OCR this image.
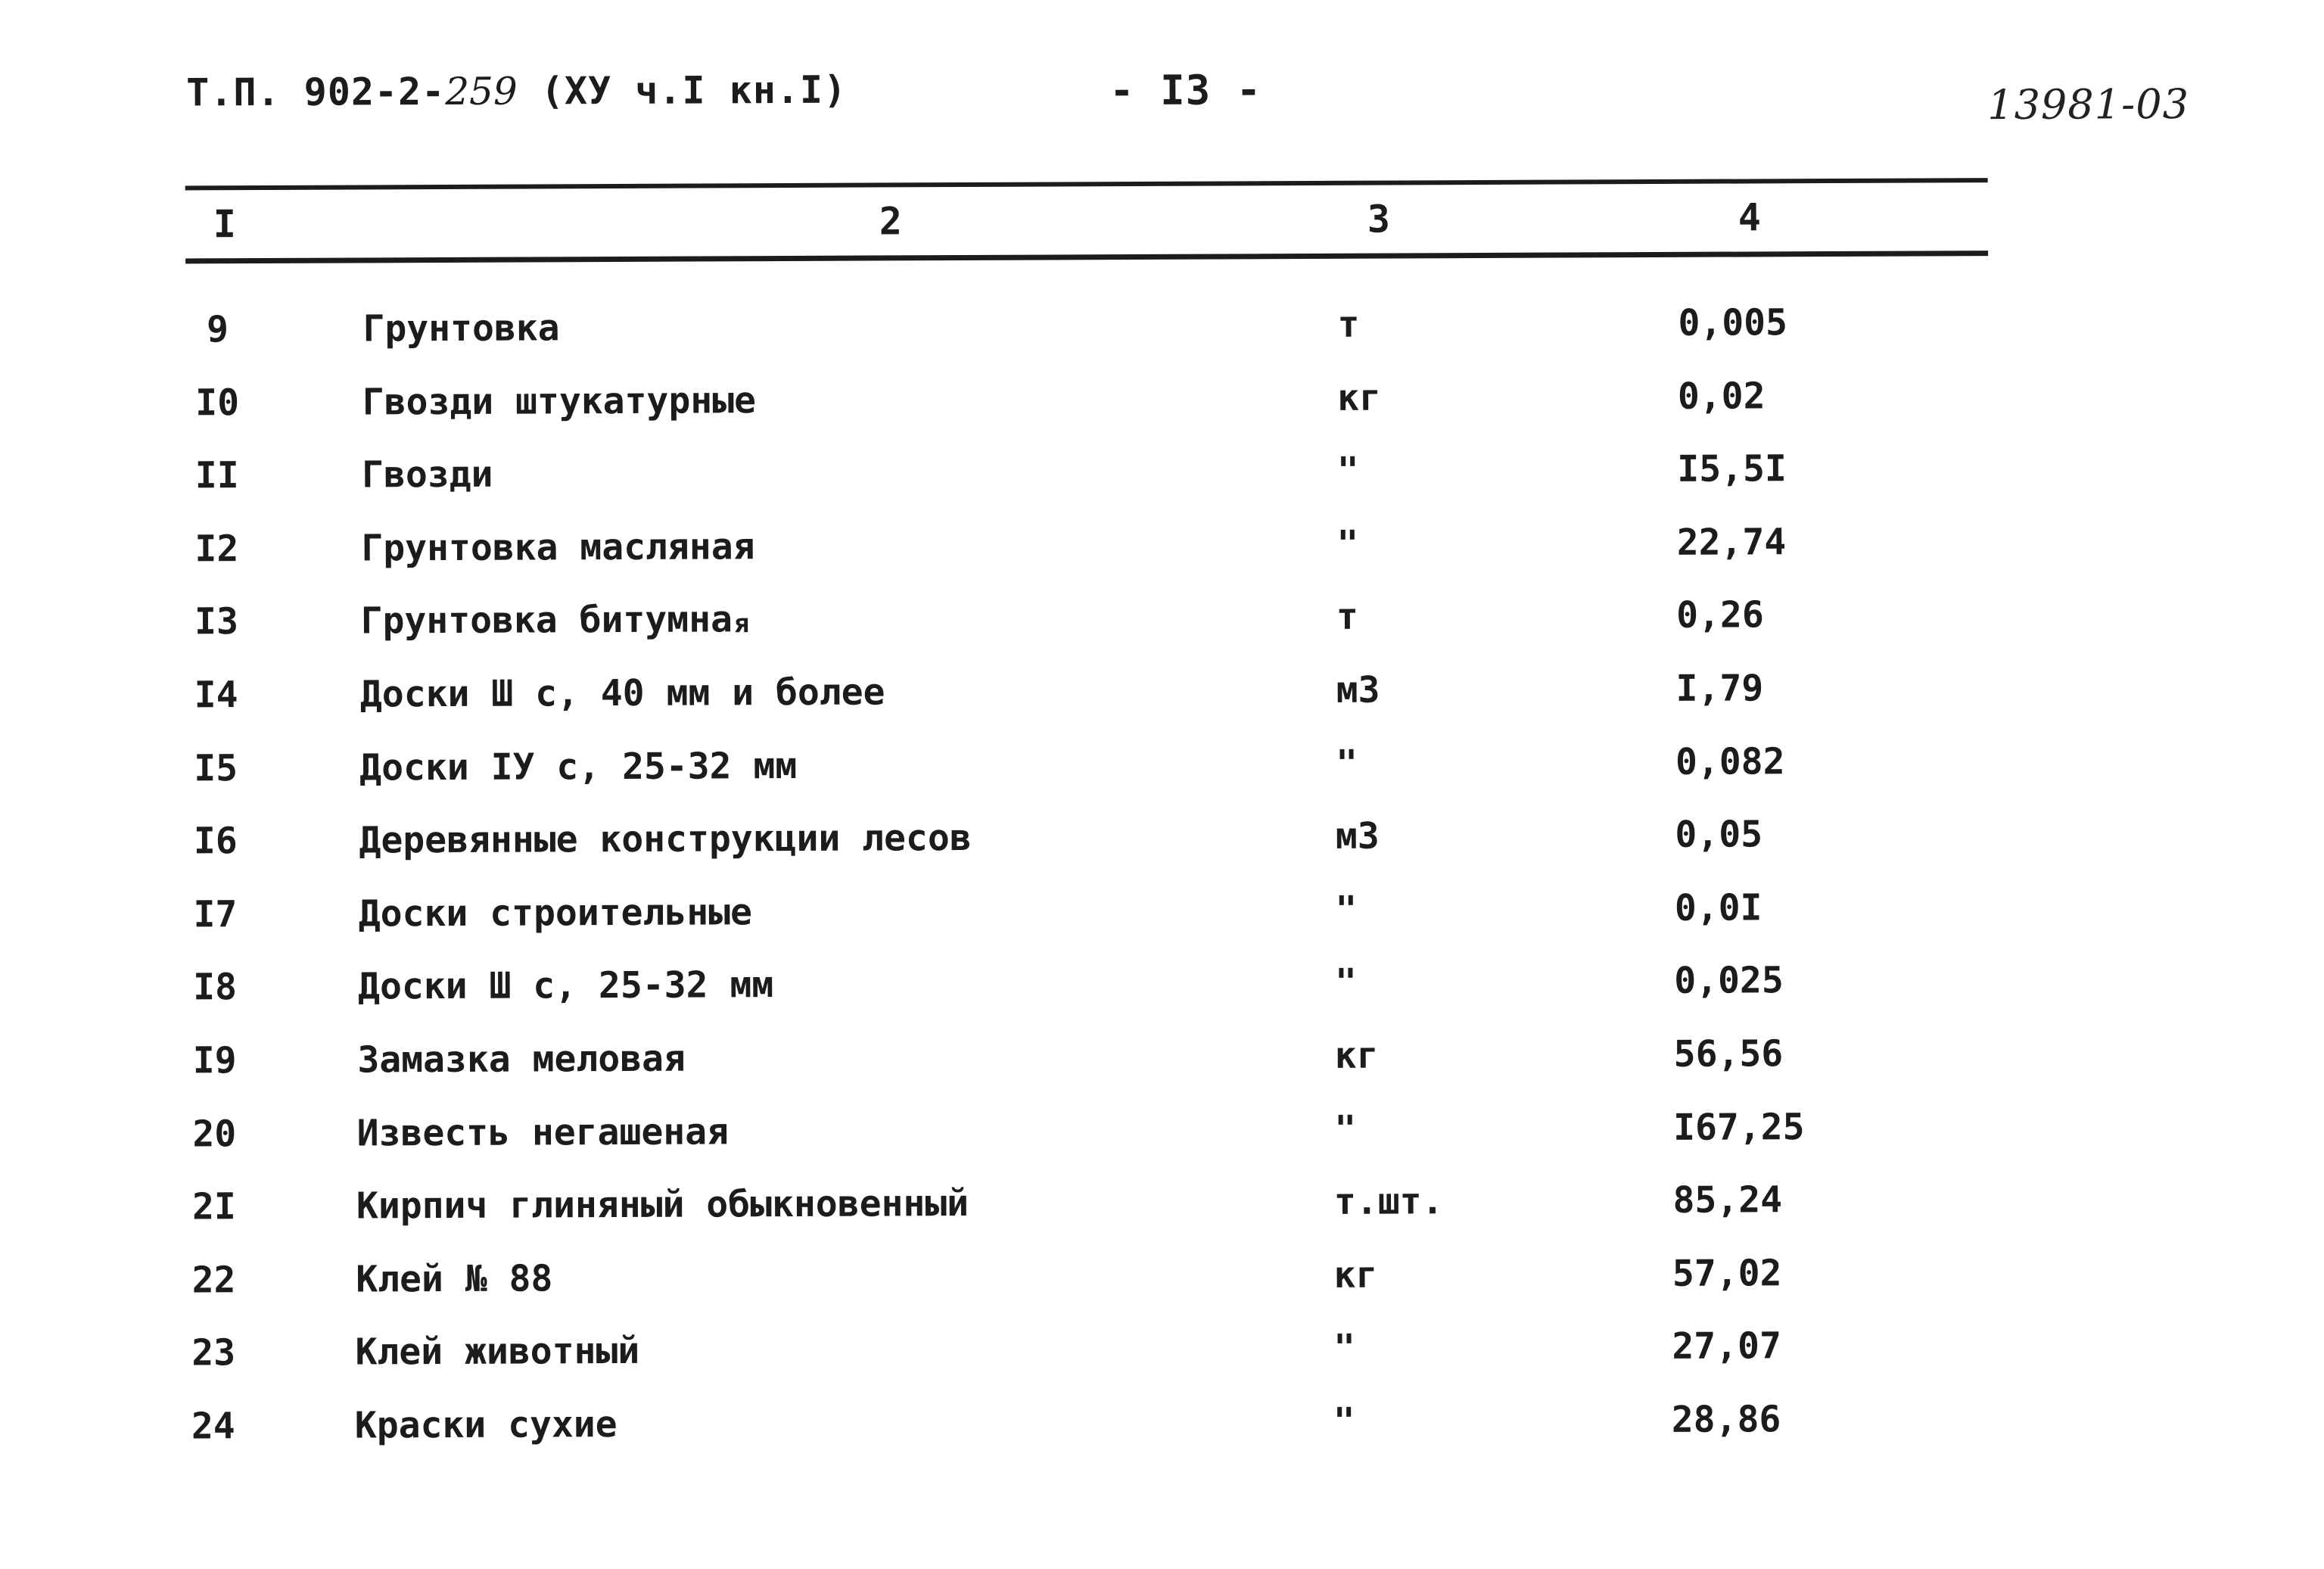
Т.П. 902-2-259 (ХУ ч.I кн.I)	- I3 -	13981-03
I	2	3	4
9	Грунтовка	т	0,005
I0	Гвозди штукатурные	кг	0,02
II	Гвозди	"	I5,5I
I2	Грунтовка масляная	"	22,74
I3	Грунтовка битумна я	т	0,26
I4	Доски Ш с, 40 мм и более	м3	I,79
I5	Доски IУ с, 25-32 мм	"	0,082
I6	Деревянные конструкции лесов	м3	0,05
I7	Доски строительные	"	0,0I
I8	Доски Ш с, 25-32 мм	"	0,025
I9	Замазка меловая	кг	56,56
20	Известь негашеная	"	I67,25
2I	Кирпич глиняный обыкновенный	т.шт.	85,24
22	Клей № 88	кг	57,02
23	Клей животный	"	27,07
24	Краски сухие	"	28,86
